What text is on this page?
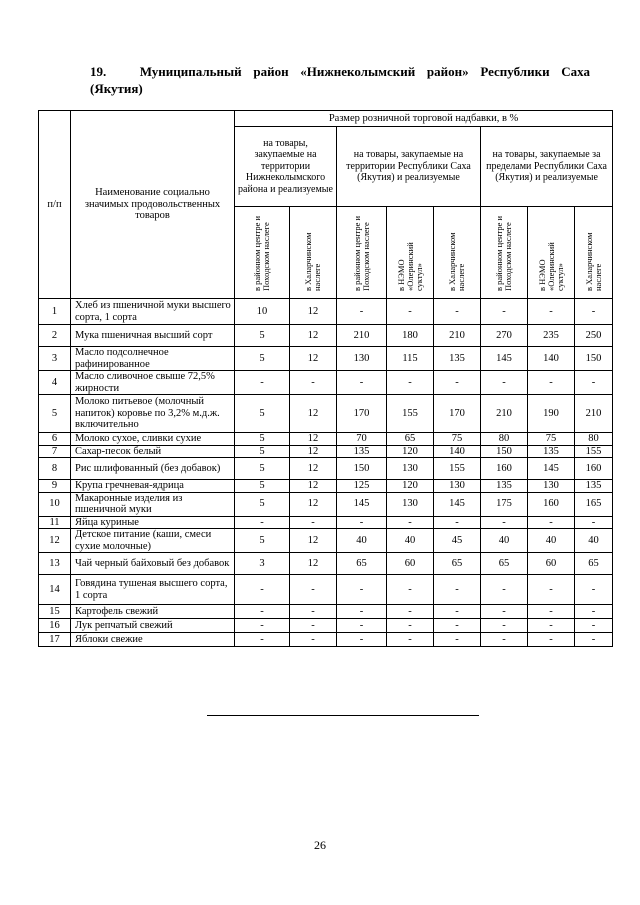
19.	Муниципальный район «Нижнеколымский район» Республики Саха
(Якутия)
п/п	Наименование социально значимых продовольственных товаров	Размер розничной торговой надбавки, в %							
		на товары, закупаемые на территории Нижнеколымского района и реализуемые		на товары, закупаемые на территории Республики Саха (Якутия) и реализуемые			на товары, закупаемые за пределами Республики Саха (Якутия) и реализуемые		

		в районном центре и Походском наслеге	в Халарчинском наслеге	в районном центре и Походском наслеге	в НЭМО «Олеринский суктул»	в Халарчинском наслеге	в районном центре и Походском наслеге	в НЭМО «Олеринский суктул»	в Халарчинском наслеге

1	Хлеб из пшеничной муки высшего сорта, 1 сорта	10	12	-	-	-	-	-	-
2	Мука пшеничная высший сорт	5	12	210	180	210	270	235	250
3	Масло подсолнечное рафинированное	5	12	130	115	135	145	140	150
4	Масло сливочное свыше 72,5% жирности	-	-	-	-	-	-	-	-
5	Молоко питьевое (молочный напиток) коровье по 3,2% м.д.ж. включительно	5	12	170	155	170	210	190	210
6	Молоко сухое, сливки сухие	5	12	70	65	75	80	75	80
7	Сахар-песок белый	5	12	135	120	140	150	135	155
8	Рис шлифованный (без добавок)	5	12	150	130	155	160	145	160
9	Крупа гречневая-ядрица	5	12	125	120	130	135	130	135
10	Макаронные изделия из пшеничной муки	5	12	145	130	145	175	160	165
11	Яйца куриные	-	-	-	-	-	-	-	-
12	Детское питание (каши, смеси сухие молочные)	5	12	40	40	45	40	40	40
13	Чай черный байховый без добавок	3	12	65	60	65	65	60	65
14	Говядина тушеная высшего сорта, 1 сорта	-	-	-	-	-	-	-	-
15	Картофель свежий	-	-	-	-	-	-	-	-
16	Лук репчатый свежий	-	-	-	-	-	-	-	-
17	Яблоки свежие	-	-	-	-	-	-	-	-
26
